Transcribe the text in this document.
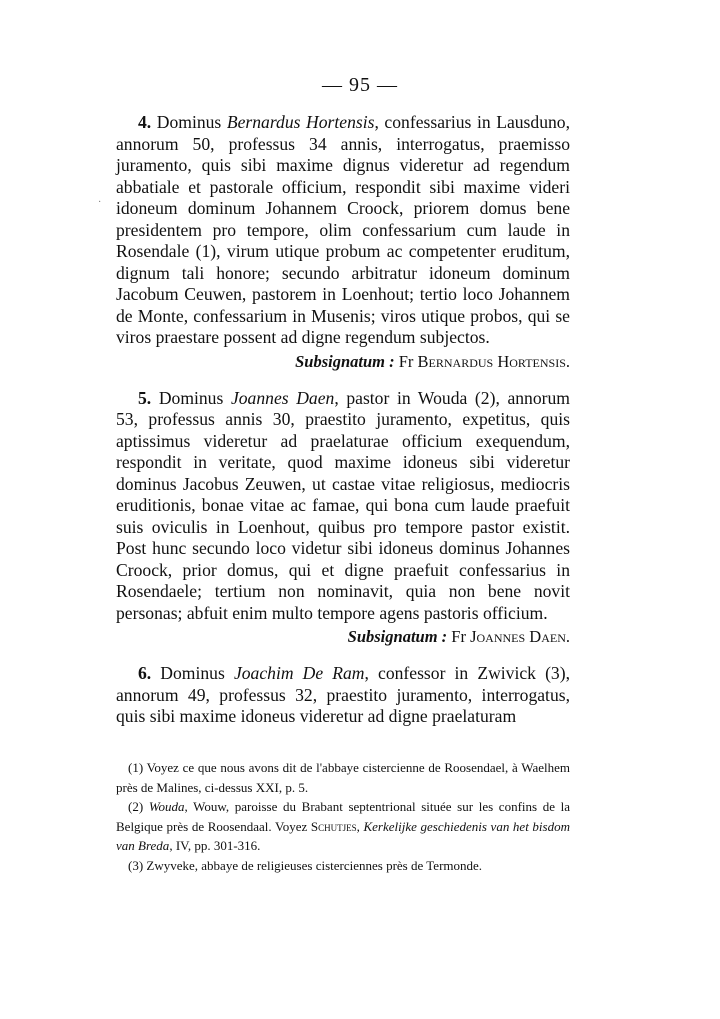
— 95 —
·

4. Dominus Bernardus Hortensis, confessarius in Lausduno, annorum 50, professus 34 annis, interrogatus, praemisso juramento, quis sibi maxime dignus videretur ad regendum abbatiale et pastorale officium, respondit sibi maxime videri idoneum dominum Johannem Croock, priorem domus bene presidentem pro tempore, olim confessarium cum laude in Rosendale (1), virum utique probum ac competenter eruditum, dignum tali honore; secundo arbitratur idoneum dominum Jacobum Ceuwen, pastorem in Loenhout; tertio loco Johannem de Monte, confessarium in Musenis; viros utique probos, qui se viros praestare possent ad digne regendum subjectos.

Subsignatum : Fr Bernardus Hortensis.

5. Dominus Joannes Daen, pastor in Wouda (2), annorum 53, professus annis 30, praestito juramento, expetitus, quis aptissimus videretur ad praelaturae officium exequendum, respondit in veritate, quod maxime idoneus sibi videretur dominus Jacobus Zeuwen, ut castae vitae religiosus, mediocris eruditionis, bonae vitae ac famae, qui bona cum laude praefuit suis oviculis in Loenhout, quibus pro tempore pastor existit. Post hunc secundo loco videtur sibi idoneus dominus Johannes Croock, prior domus, qui et digne praefuit confessarius in Rosendaele; tertium non nominavit, quia non bene novit personas; abfuit enim multo tempore agens pastoris officium.

Subsignatum : Fr Joannes Daen.

6. Dominus Joachim De Ram, confessor in Zwivick (3), annorum 49, professus 32, praestito juramento, interrogatus, quis sibi maxime idoneus videretur ad digne praelaturam

(1) Voyez ce que nous avons dit de l'abbaye cistercienne de Roosendael, à Waelhem près de Malines, ci-dessus XXI, p. 5.

(2) Wouda, Wouw, paroisse du Brabant septentrional située sur les confins de la Belgique près de Roosendaal. Voyez Schutjes, Kerkelijke geschiedenis van het bisdom van Breda, IV, pp. 301-316.

(3) Zwyveke, abbaye de religieuses cisterciennes près de Termonde.
